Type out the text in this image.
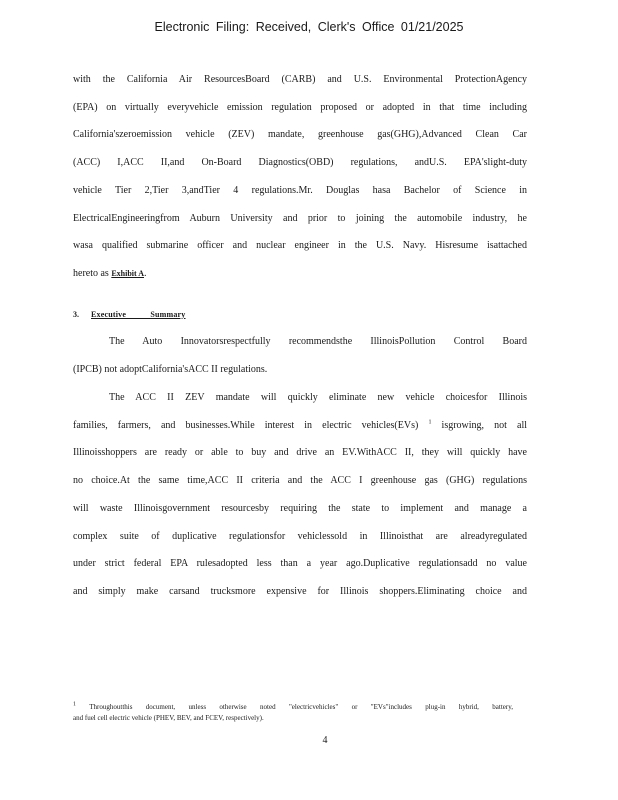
Electronic Filing: Received, Clerk's Office 01/21/2025
with the California Air ResourcesBoard (CARB) and U.S. Environmental ProtectionAgency
(EPA) on virtually everyvehicle emission regulation proposed or adopted in that time including
California'szeroemission vehicle (ZEV) mandate, greenhouse gas(GHG),Advanced Clean Car
(ACC) I,ACC II,and On-Board Diagnostics(OBD) regulations, andU.S. EPA'slight-duty
vehicle Tier 2,Tier 3,andTier 4 regulations.Mr. Douglas hasa Bachelor of Science in
ElectricalEngineeringfrom Auburn University and prior to joining the automobile industry, he
wasa qualified submarine officer and nuclear engineer in the U.S. Navy. Hisresume isattached
hereto as Exhibit A.
3. Executive Summary
The Auto Innovatorsrespectfully recommendsthe IllinoisPollution Control Board
(IPCB) not adoptCalifornia'sACC II regulations.
The ACC II ZEV mandate will quickly eliminate new vehicle choicesfor Illinois
families, farmers, and businesses.While interest in electric vehicles(EVs) $^1$ isgrowing, not all
Illinoisshoppers are ready or able to buy and drive an EV.WithACC II, they will quickly have
no choice.At the same time,ACC II criteria and the ACC I greenhouse gas (GHG) regulations
will waste Illinoisgovernment resourcesby requiring the state to implement and manage a
complex suite of duplicative regulationsfor vehiclessold in Illinoisthat are alreadyregulated
under strict federal EPA rulesadopted less than a year ago.Duplicative regulationsadd no value
and simply make carsand trucksmore expensive for Illinois shoppers.Eliminating choice and
$^1$ Throughoutthis document, unless otherwise noted "electricvehicles" or "EVs"includes plug-in hybrid, battery,
and fuel cell electric vehicle (PHEV, BEV, and FCEV, respectively).
4
